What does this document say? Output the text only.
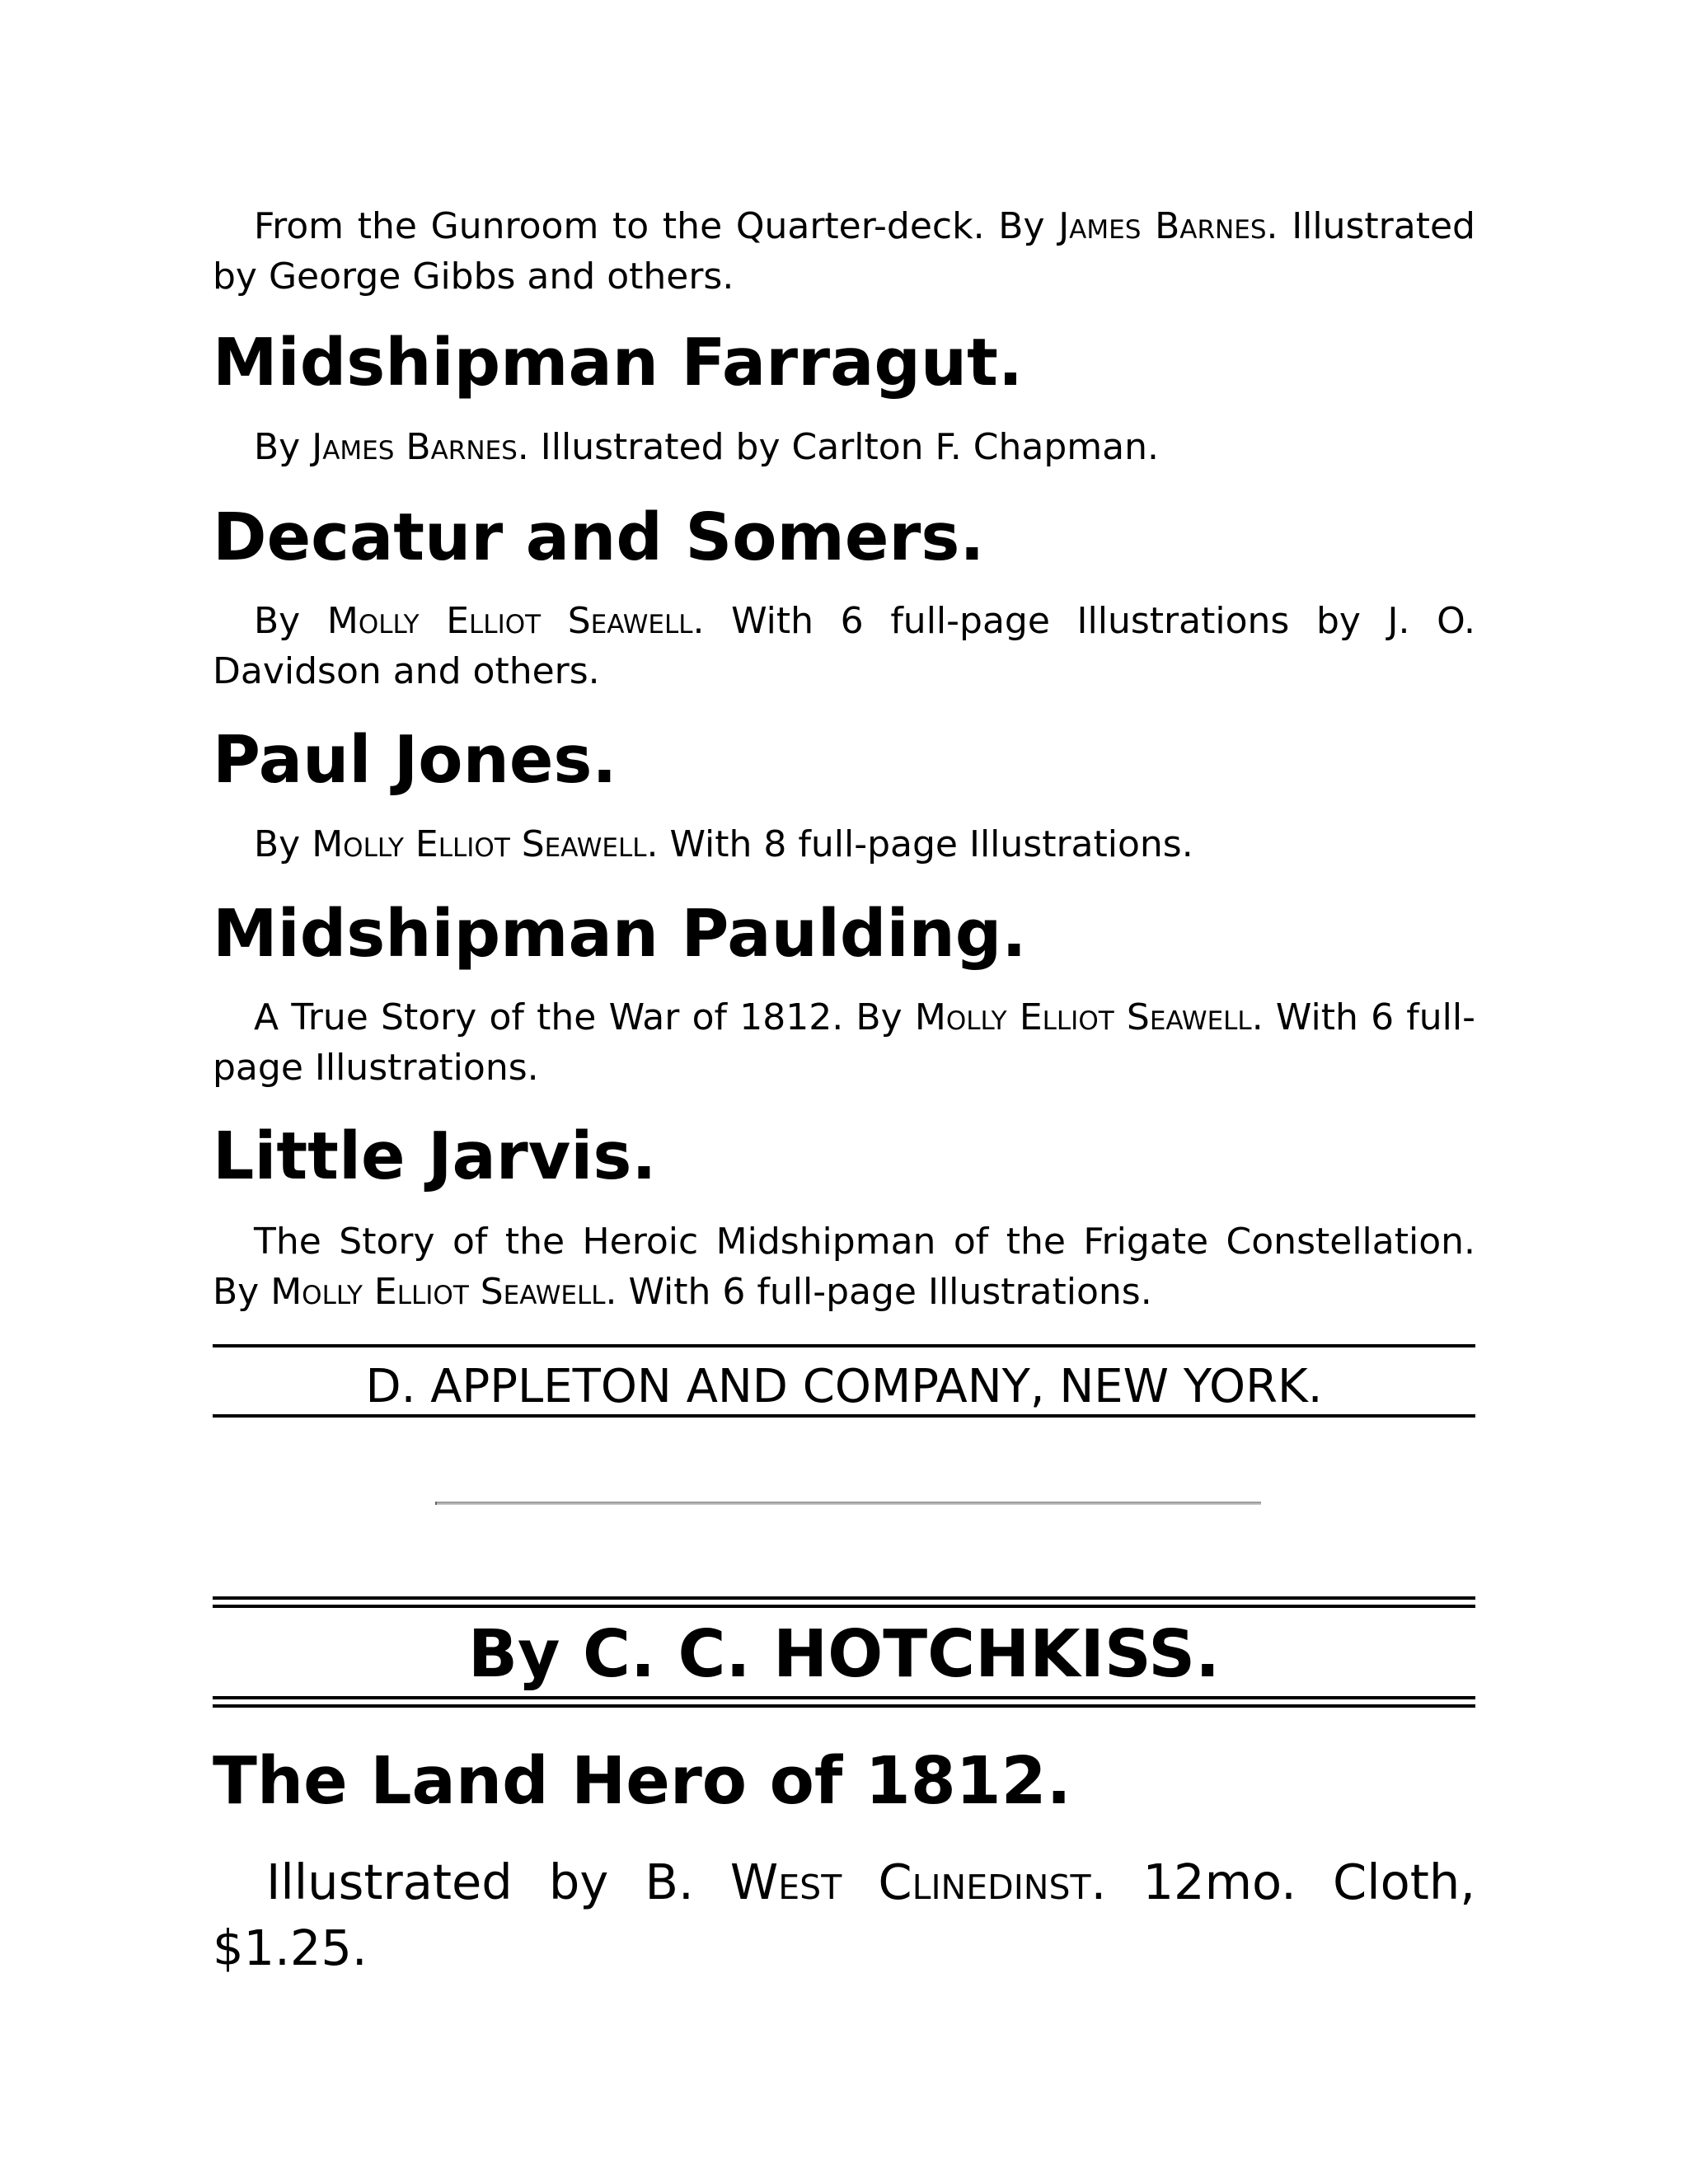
From the Gunroom to the Quarter-deck. By James Barnes. Illustrated by George Gibbs and others.

Midshipman Farragut.

By James Barnes. Illustrated by Carlton F. Chapman.

Decatur and Somers.

By Molly Elliot Seawell. With 6 full-page Illustrations by J. O. Davidson and others.

Paul Jones.

By Molly Elliot Seawell. With 8 full-page Illustrations.

Midshipman Paulding.

A True Story of the War of 1812. By Molly Elliot Seawell. With 6 full-page Illustrations.

Little Jarvis.

The Story of the Heroic Midshipman of the Frigate Constellation. By Molly Elliot Seawell. With 6 full-page Illustrations.

D. APPLETON AND COMPANY, NEW YORK.
By C. C. HOTCHKISS.
The Land Hero of 1812.

Illustrated by B. West Clinedinst. 12mo. Cloth, $1.25.
